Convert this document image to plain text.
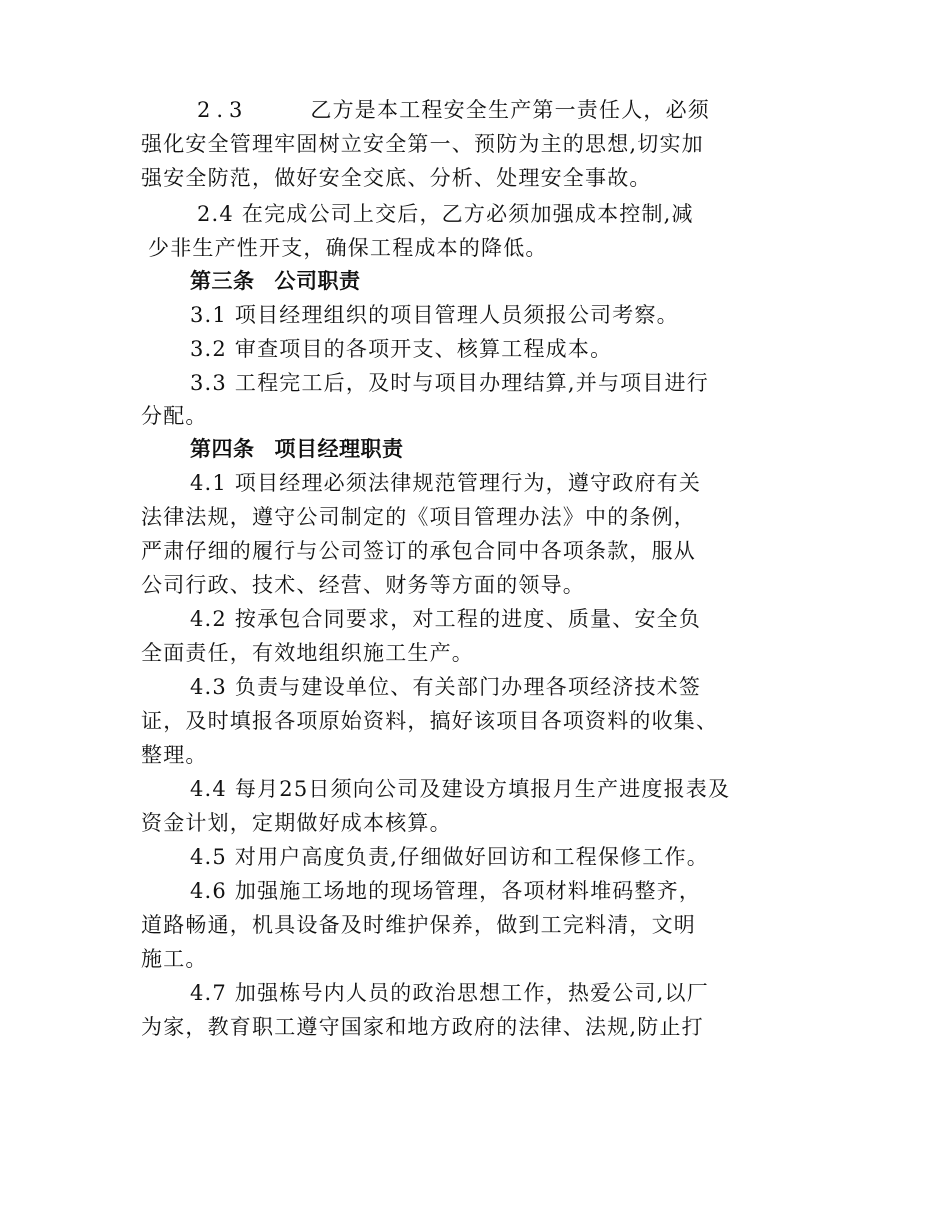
2.3	乙方是本工程安全生产第一责任人，必须
强化安全管理牢固树立安全第一、预防为主的思想,切实加
强安全防范，做好安全交底、分析、处理安全事故。
2.4 在完成公司上交后，乙方必须加强成本控制,减
少非生产性开支，确保工程成本的降低。
第三条 公司职责
3.1 项目经理组织的项目管理人员须报公司考察。
3.2 审查项目的各项开支、核算工程成本。
3.3 工程完工后，及时与项目办理结算,并与项目进行
分配。
第四条 项目经理职责
4.1 项目经理必须法律规范管理行为，遵守政府有关
法律法规，遵守公司制定的《项目管理办法》中的条例，
严肃仔细的履行与公司签订的承包合同中各项条款，服从
公司行政、技术、经营、财务等方面的领导。
4.2 按承包合同要求，对工程的进度、质量、安全负
全面责任，有效地组织施工生产。
4.3 负责与建设单位、有关部门办理各项经济技术签
证，及时填报各项原始资料，搞好该项目各项资料的收集、
整理。
4.4 每月25日须向公司及建设方填报月生产进度报表及
资金计划，定期做好成本核算。
4.5 对用户高度负责,仔细做好回访和工程保修工作。
4.6 加强施工场地的现场管理，各项材料堆码整齐，
道路畅通，机具设备及时维护保养，做到工完料清，文明
施工。
4.7 加强栋号内人员的政治思想工作，热爱公司,以厂
为家，教育职工遵守国家和地方政府的法律、法规,防止打
